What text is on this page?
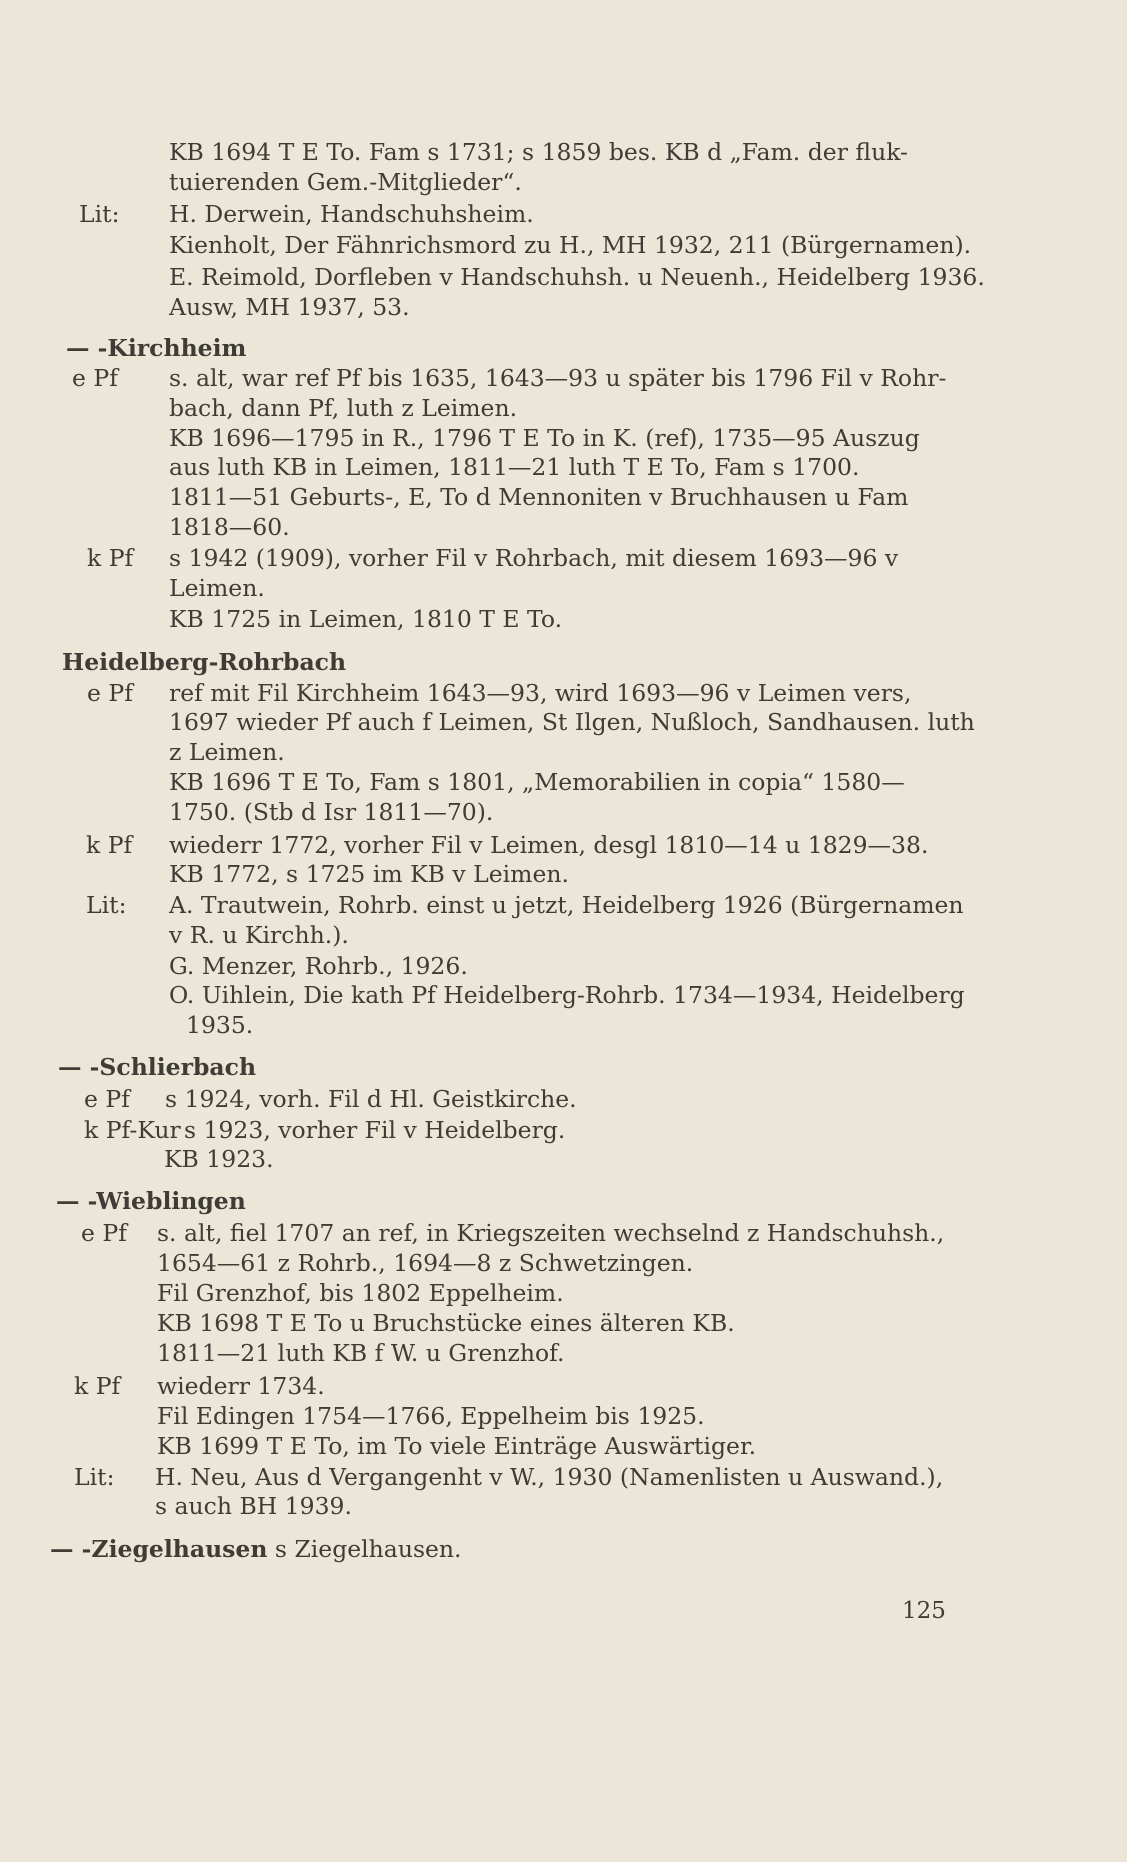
KB 1694 T E To. Fam s 1731; s 1859 bes. KB d „Fam. der fluk-
tuierenden Gem.-Mitglieder“.
Lit: H. Derwein, Handschuhsheim.
Kienholt, Der Fähnrichsmord zu H., MH 1932, 211 (Bürgernamen).
E. Reimold, Dorfleben v Handschuhsh. u Neuenh., Heidelberg 1936.
Ausw, MH 1937, 53.
— -Kirchheim
e Pf s. alt, war ref Pf bis 1635, 1643—93 u später bis 1796 Fil v Rohr-
bach, dann Pf, luth z Leimen.
KB 1696—1795 in R., 1796 T E To in K. (ref), 1735—95 Auszug
aus luth KB in Leimen, 1811—21 luth T E To, Fam s 1700.
1811—51 Geburts-, E, To d Mennoniten v Bruchhausen u Fam
1818—60.
k Pf s 1942 (1909), vorher Fil v Rohrbach, mit diesem 1693—96 v
Leimen.
KB 1725 in Leimen, 1810 T E To.
Heidelberg-Rohrbach
e Pf ref mit Fil Kirchheim 1643—93, wird 1693—96 v Leimen vers,
1697 wieder Pf auch f Leimen, St Ilgen, Nußloch, Sandhausen. luth
z Leimen.
KB 1696 T E To, Fam s 1801, „Memorabilien in copia“ 1580—
1750. (Stb d Isr 1811—70).
k Pf wiederr 1772, vorher Fil v Leimen, desgl 1810—14 u 1829—38.
KB 1772, s 1725 im KB v Leimen.
Lit: A. Trautwein, Rohrb. einst u jetzt, Heidelberg 1926 (Bürgernamen
v R. u Kirchh.).
G. Menzer, Rohrb., 1926.
O. Uihlein, Die kath Pf Heidelberg-Rohrb. 1734—1934, Heidelberg
1935.
— -Schlierbach
e Pf s 1924, vorh. Fil d Hl. Geistkirche.
k Pf-Kur s 1923, vorher Fil v Heidelberg.
KB 1923.
— -Wieblingen
e Pf s. alt, fiel 1707 an ref, in Kriegszeiten wechselnd z Handschuhsh.,
1654—61 z Rohrb., 1694—8 z Schwetzingen.
Fil Grenzhof, bis 1802 Eppelheim.
KB 1698 T E To u Bruchstücke eines älteren KB.
1811—21 luth KB f W. u Grenzhof.
k Pf wiederr 1734.
Fil Edingen 1754—1766, Eppelheim bis 1925.
KB 1699 T E To, im To viele Einträge Auswärtiger.
Lit: H. Neu, Aus d Vergangenht v W., 1930 (Namenlisten u Auswand.),
s auch BH 1939.
— -Ziegelhausen s Ziegelhausen.
125
